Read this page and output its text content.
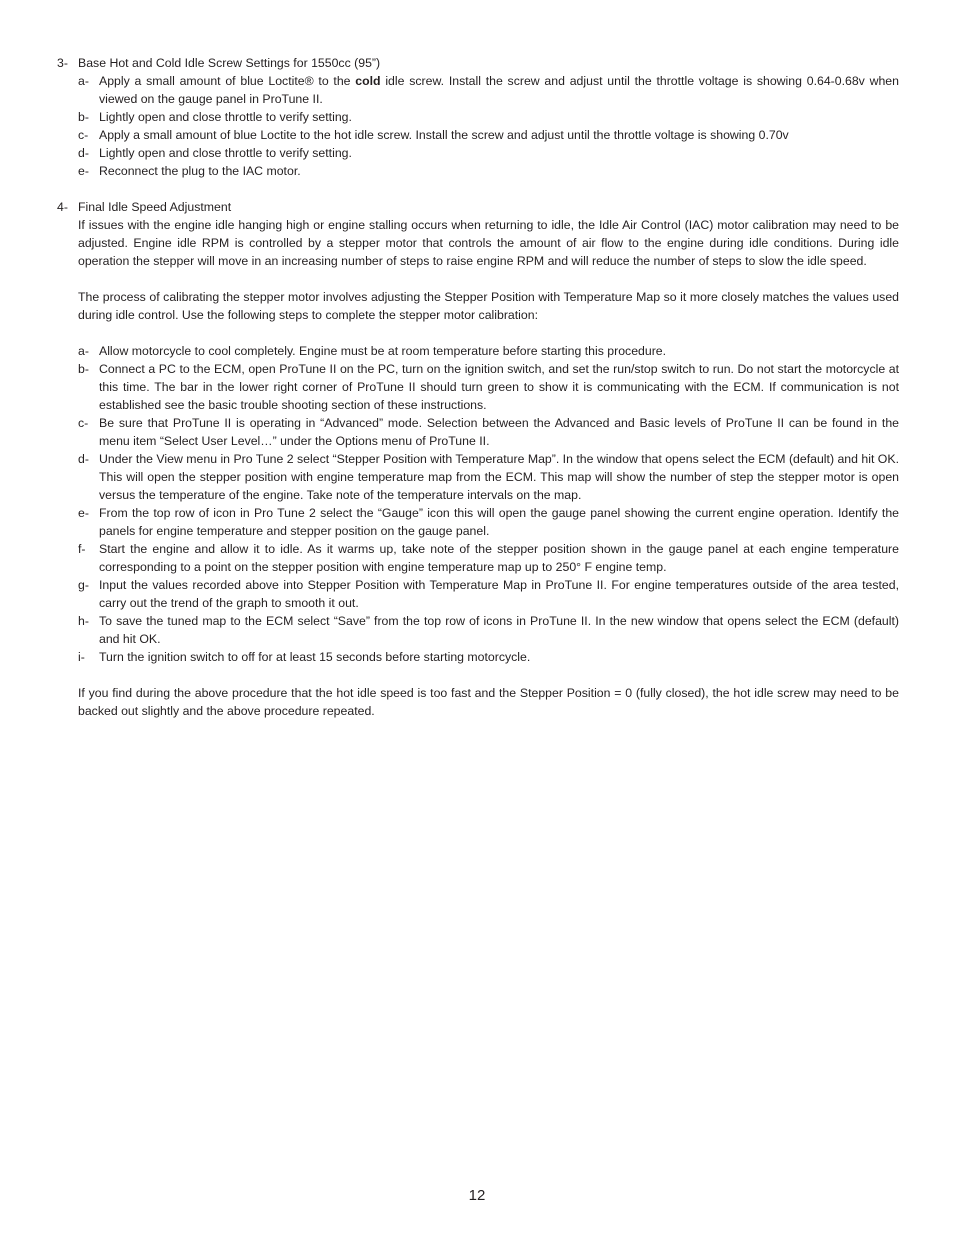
3- Base Hot and Cold Idle Screw Settings for 1550cc (95”)
a- Apply a small amount of blue Loctite® to the cold idle screw. Install the screw and adjust until the throttle voltage is showing 0.64-0.68v when viewed on the gauge panel in ProTune II.
b- Lightly open and close throttle to verify setting.
c- Apply a small amount of blue Loctite to the hot idle screw. Install the screw and adjust until the throttle voltage is showing 0.70v
d- Lightly open and close throttle to verify setting.
e- Reconnect the plug to the IAC motor.
4- Final Idle Speed Adjustment

If issues with the engine idle hanging high or engine stalling occurs when returning to idle, the Idle Air Control (IAC) motor calibration may need to be adjusted. Engine idle RPM is controlled by a stepper motor that controls the amount of air flow to the engine during idle conditions. During idle operation the stepper will move in an increasing number of steps to raise engine RPM and will reduce the number of steps to slow the idle speed.

The process of calibrating the stepper motor involves adjusting the Stepper Position with Temperature Map so it more closely matches the values used during idle control. Use the following steps to complete the stepper motor calibration:

a- Allow motorcycle to cool completely. Engine must be at room temperature before starting this procedure.
b- Connect a PC to the ECM, open ProTune II on the PC, turn on the ignition switch, and set the run/stop switch to run. Do not start the motorcycle at this time. The bar in the lower right corner of ProTune II should turn green to show it is communicating with the ECM. If communication is not established see the basic trouble shooting section of these instructions.
c- Be sure that ProTune II is operating in “Advanced” mode. Selection between the Advanced and Basic levels of ProTune II can be found in the menu item “Select User Level…” under the Options menu of ProTune II.
d- Under the View menu in Pro Tune 2 select “Stepper Position with Temperature Map”. In the window that opens select the ECM (default) and hit OK. This will open the stepper position with engine temperature map from the ECM. This map will show the number of step the stepper motor is open versus the temperature of the engine. Take note of the temperature intervals on the map.
e- From the top row of icon in Pro Tune 2 select the “Gauge” icon this will open the gauge panel showing the current engine operation. Identify the panels for engine temperature and stepper position on the gauge panel.
f-	Start the engine and allow it to idle. As it warms up, take note of the stepper position shown in the gauge panel at each engine temperature corresponding to a point on the stepper position with engine temperature map up to 250° F engine temp.
g- Input the values recorded above into Stepper Position with Temperature Map in ProTune II. For engine temperatures outside of the area tested, carry out the trend of the graph to smooth it out.
h- To save the tuned map to the ECM select “Save” from the top row of icons in ProTune II. In the new window that opens select the ECM (default) and hit OK.
i-	Turn the ignition switch to off for at least 15 seconds before starting motorcycle.

If you find during the above procedure that the hot idle speed is too fast and the Stepper Position = 0 (fully closed), the hot idle screw may need to be backed out slightly and the above procedure repeated.

12
